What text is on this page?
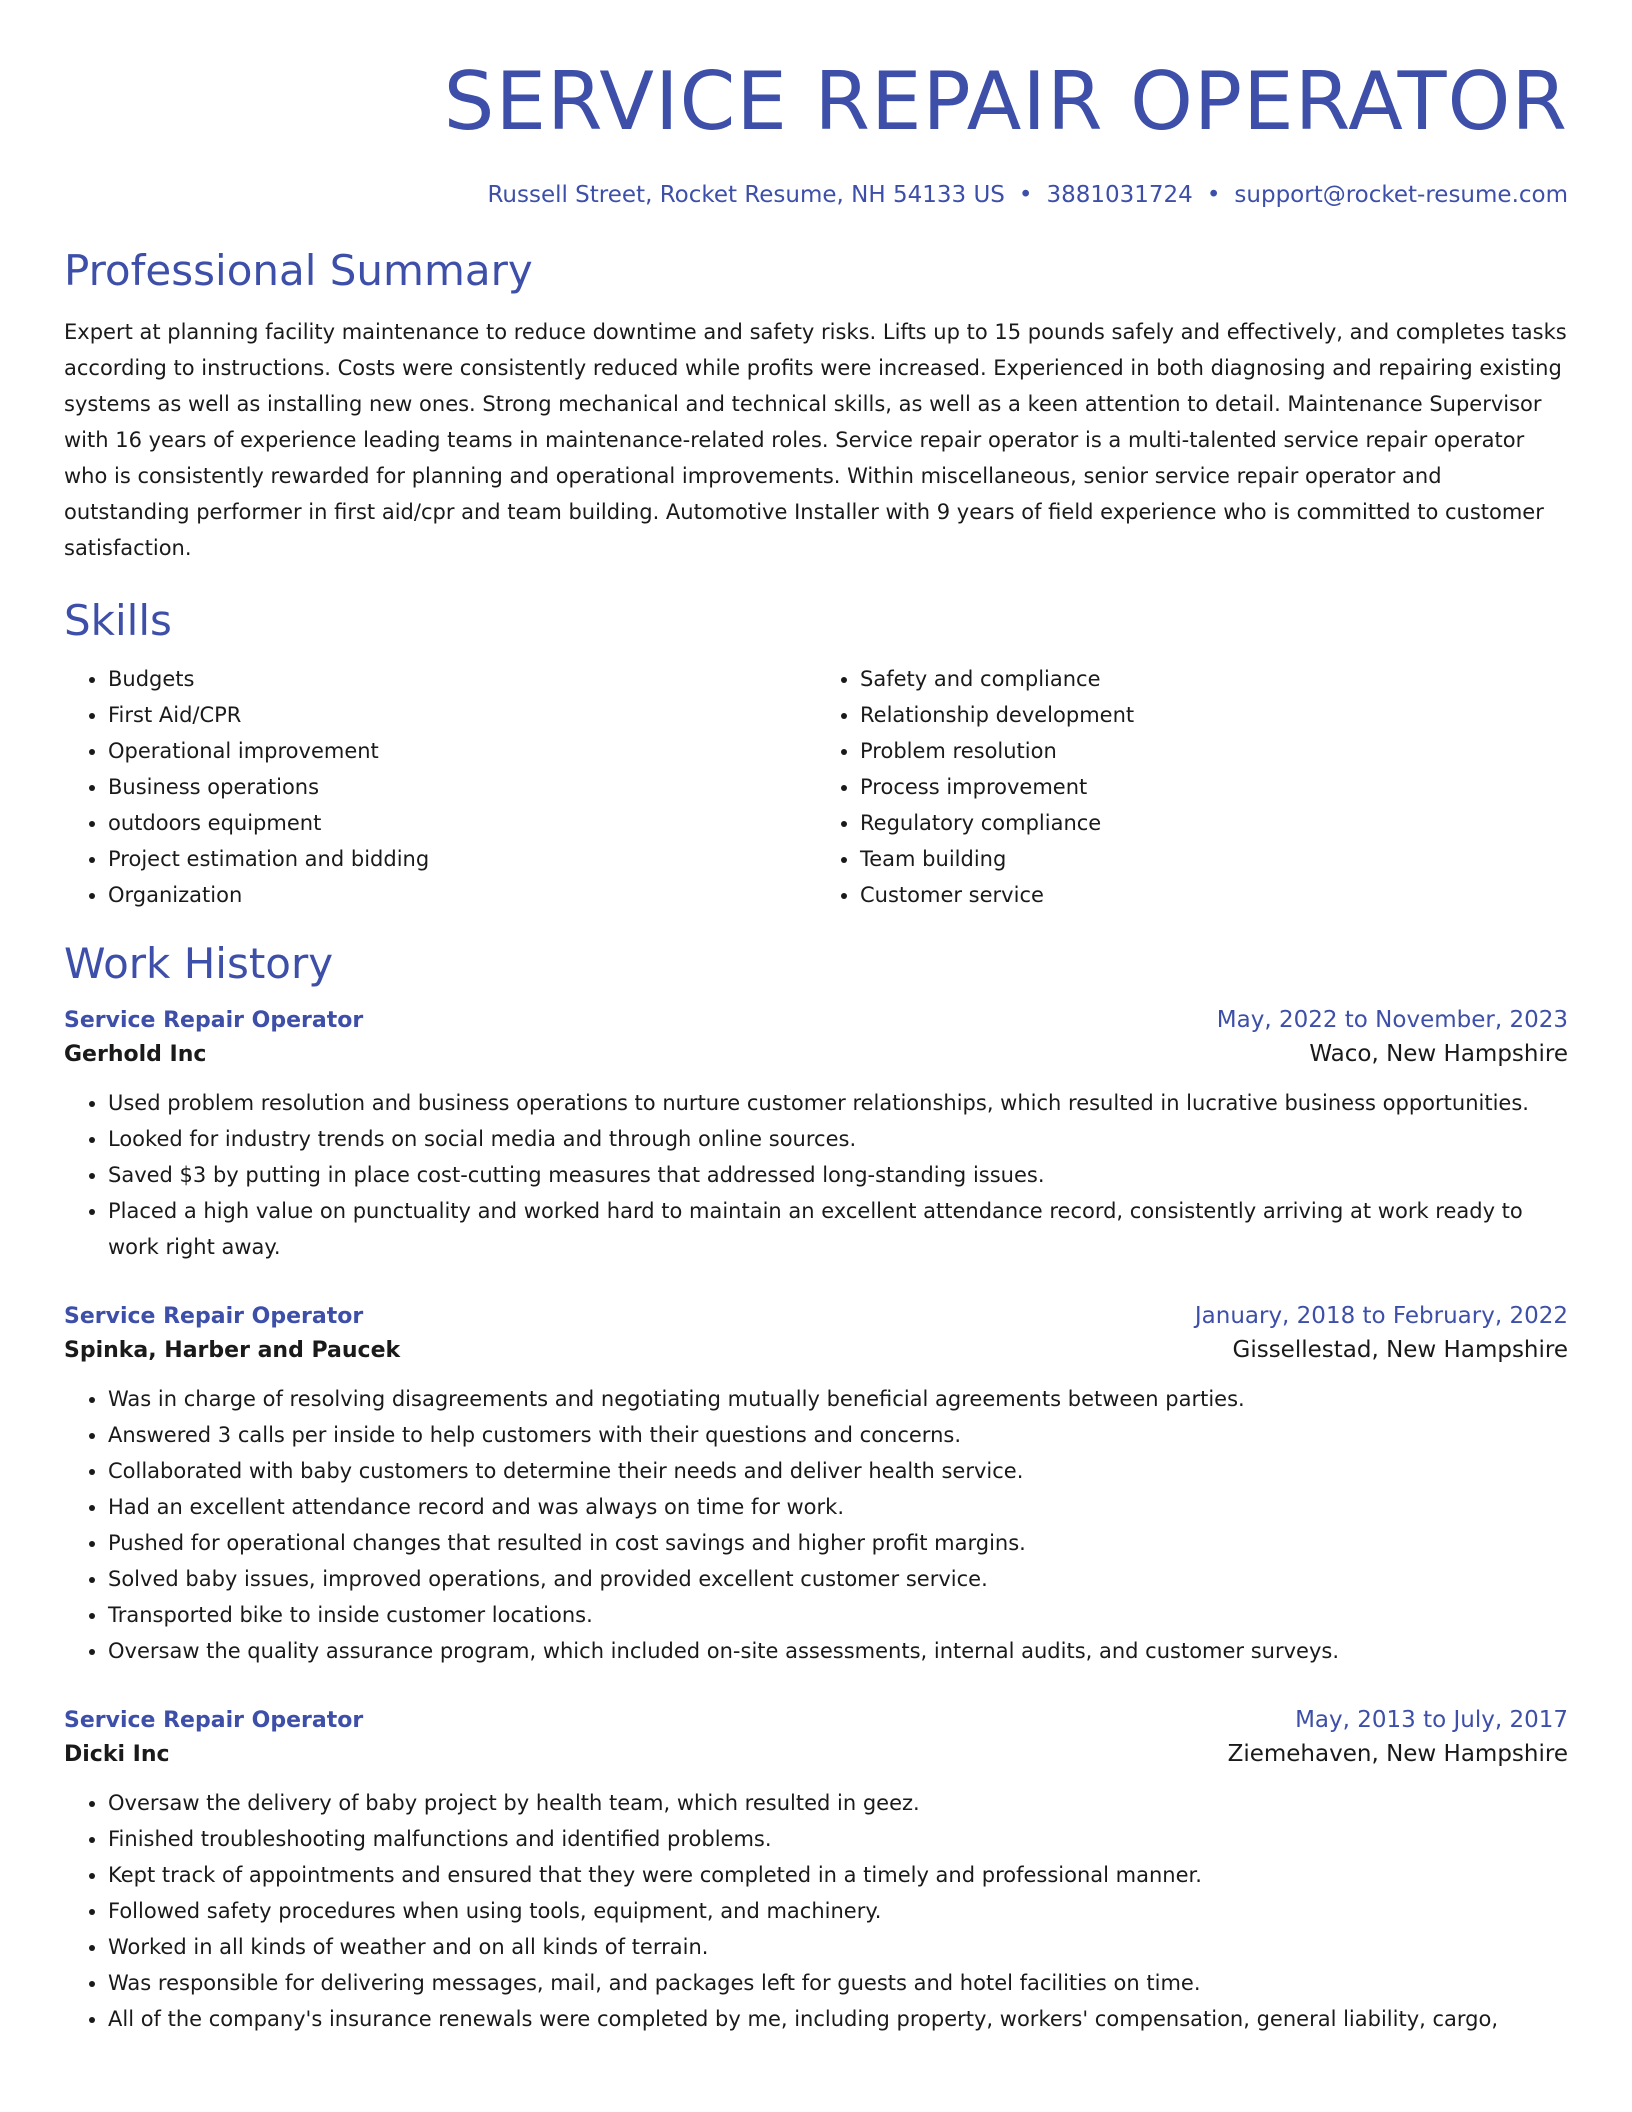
SERVICE REPAIR OPERATOR
Russell Street, Rocket Resume, NH 54133 US • 3881031724 • support@rocket-resume.com
Professional Summary
Expert at planning facility maintenance to reduce downtime and safety risks. Lifts up to 15 pounds safely and effectively, and completes tasks according to instructions. Costs were consistently reduced while profits were increased. Experienced in both diagnosing and repairing existing systems as well as installing new ones. Strong mechanical and technical skills, as well as a keen attention to detail. Maintenance Supervisor with 16 years of experience leading teams in maintenance-related roles. Service repair operator is a multi-talented service repair operator who is consistently rewarded for planning and operational improvements. Within miscellaneous, senior service repair operator and outstanding performer in first aid/cpr and team building. Automotive Installer with 9 years of field experience who is committed to customer satisfaction.
Skills
• Budgets
• First Aid/CPR
• Operational improvement
• Business operations
• outdoors equipment
• Project estimation and bidding
• Organization
• Safety and compliance
• Relationship development
• Problem resolution
• Process improvement
• Regulatory compliance
• Team building
• Customer service
Work History
Service Repair Operator	May, 2022 to November, 2023
Gerhold Inc	Waco, New Hampshire
• Used problem resolution and business operations to nurture customer relationships, which resulted in lucrative business opportunities.
• Looked for industry trends on social media and through online sources.
• Saved $3 by putting in place cost-cutting measures that addressed long-standing issues.
• Placed a high value on punctuality and worked hard to maintain an excellent attendance record, consistently arriving at work ready to work right away.
Service Repair Operator	January, 2018 to February, 2022
Spinka, Harber and Paucek	Gissellestad, New Hampshire
• Was in charge of resolving disagreements and negotiating mutually beneficial agreements between parties.
• Answered 3 calls per inside to help customers with their questions and concerns.
• Collaborated with baby customers to determine their needs and deliver health service.
• Had an excellent attendance record and was always on time for work.
• Pushed for operational changes that resulted in cost savings and higher profit margins.
• Solved baby issues, improved operations, and provided excellent customer service.
• Transported bike to inside customer locations.
• Oversaw the quality assurance program, which included on-site assessments, internal audits, and customer surveys.
Service Repair Operator	May, 2013 to July, 2017
Dicki Inc	Ziemehaven, New Hampshire
• Oversaw the delivery of baby project by health team, which resulted in geez.
• Finished troubleshooting malfunctions and identified problems.
• Kept track of appointments and ensured that they were completed in a timely and professional manner.
• Followed safety procedures when using tools, equipment, and machinery.
• Worked in all kinds of weather and on all kinds of terrain.
• Was responsible for delivering messages, mail, and packages left for guests and hotel facilities on time.
• All of the company's insurance renewals were completed by me, including property, workers' compensation, general liability, cargo,
